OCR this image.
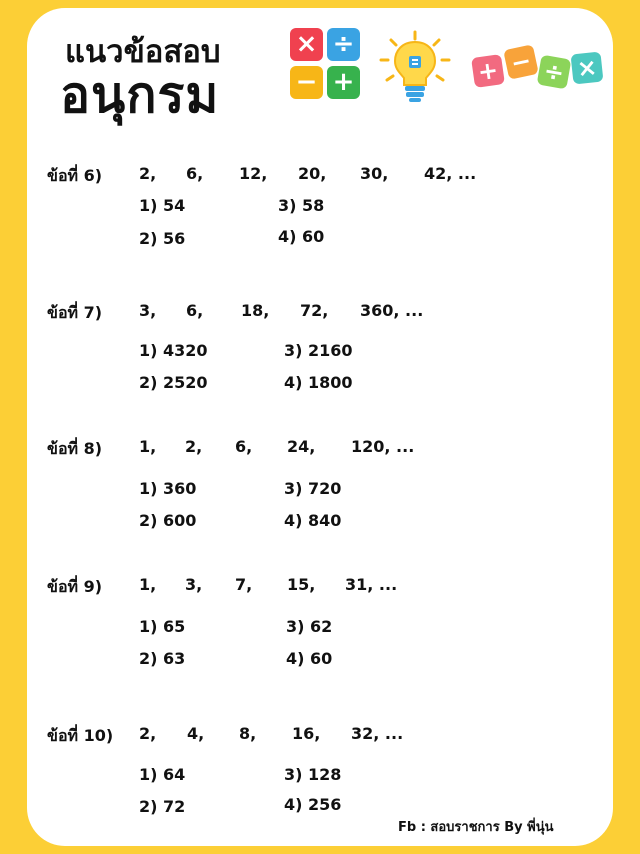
แนวข้อสอบ
อนุกรม
× ÷
− +	+ − ÷ ×
ข้อที่ 6) 2, 6, 12, 20, 30, 42, ...
1) 54
2) 56
3) 58
4) 60
ข้อที่ 7) 3, 6, 18, 72, 360, ...
1) 4320
2) 2520
3) 2160
4) 1800
ข้อที่ 8) 1, 2, 6, 24, 120, ...
1) 360
2) 600
3) 720
4) 840
ข้อที่ 9) 1, 3, 7, 15, 31, ...
1) 65
2) 63
3) 62
4) 60
ข้อที่ 10) 2, 4, 8, 16, 32, ...
1) 64
2) 72
3) 128
4) 256
Fb : สอบราชการ By พี่นุ่น
